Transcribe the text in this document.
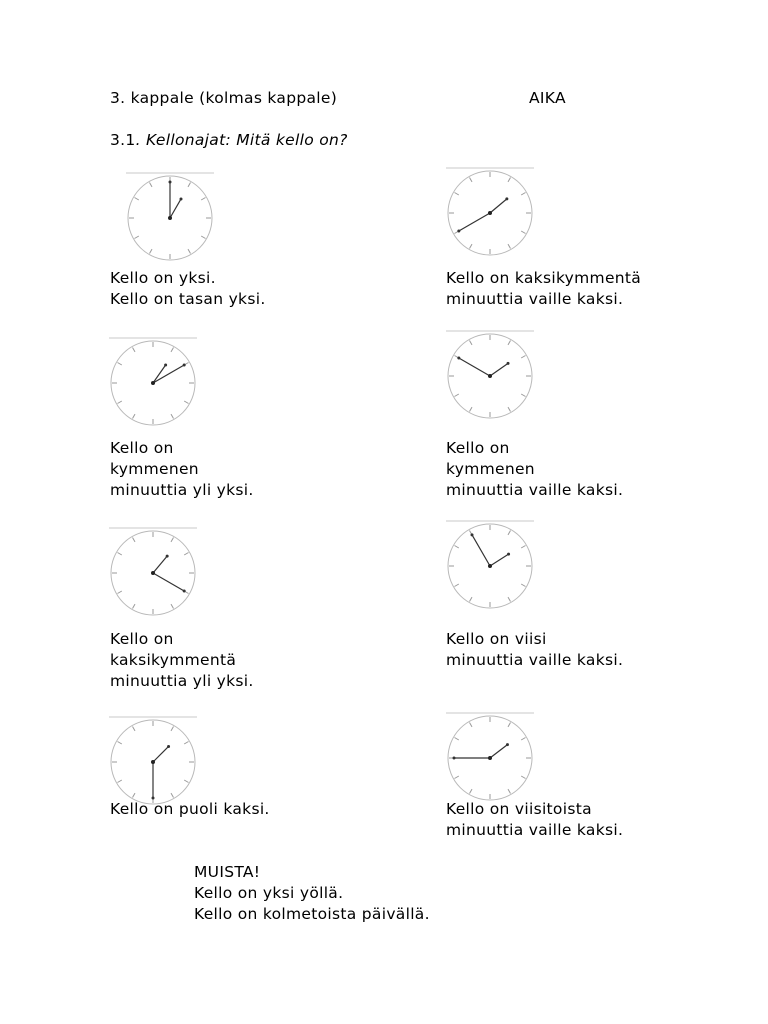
3. kappale (kolmas kappale)	AIKA
3.1. Kellonajat: Mitä kello on?
Kello on yksi.
Kello on tasan yksi.
Kello on kaksikymmentä
minuuttia vaille kaksi.
Kello on
kymmenen
minuuttia yli yksi.
Kello on
kymmenen
minuuttia vaille kaksi.
Kello on
kaksikymmentä
minuuttia yli yksi.
Kello on viisi
minuuttia vaille kaksi.
Kello on puoli kaksi.	Kello on viisitoista
minuuttia vaille kaksi.
MUISTA!
Kello on yksi yöllä.
Kello on kolmetoista päivällä.
